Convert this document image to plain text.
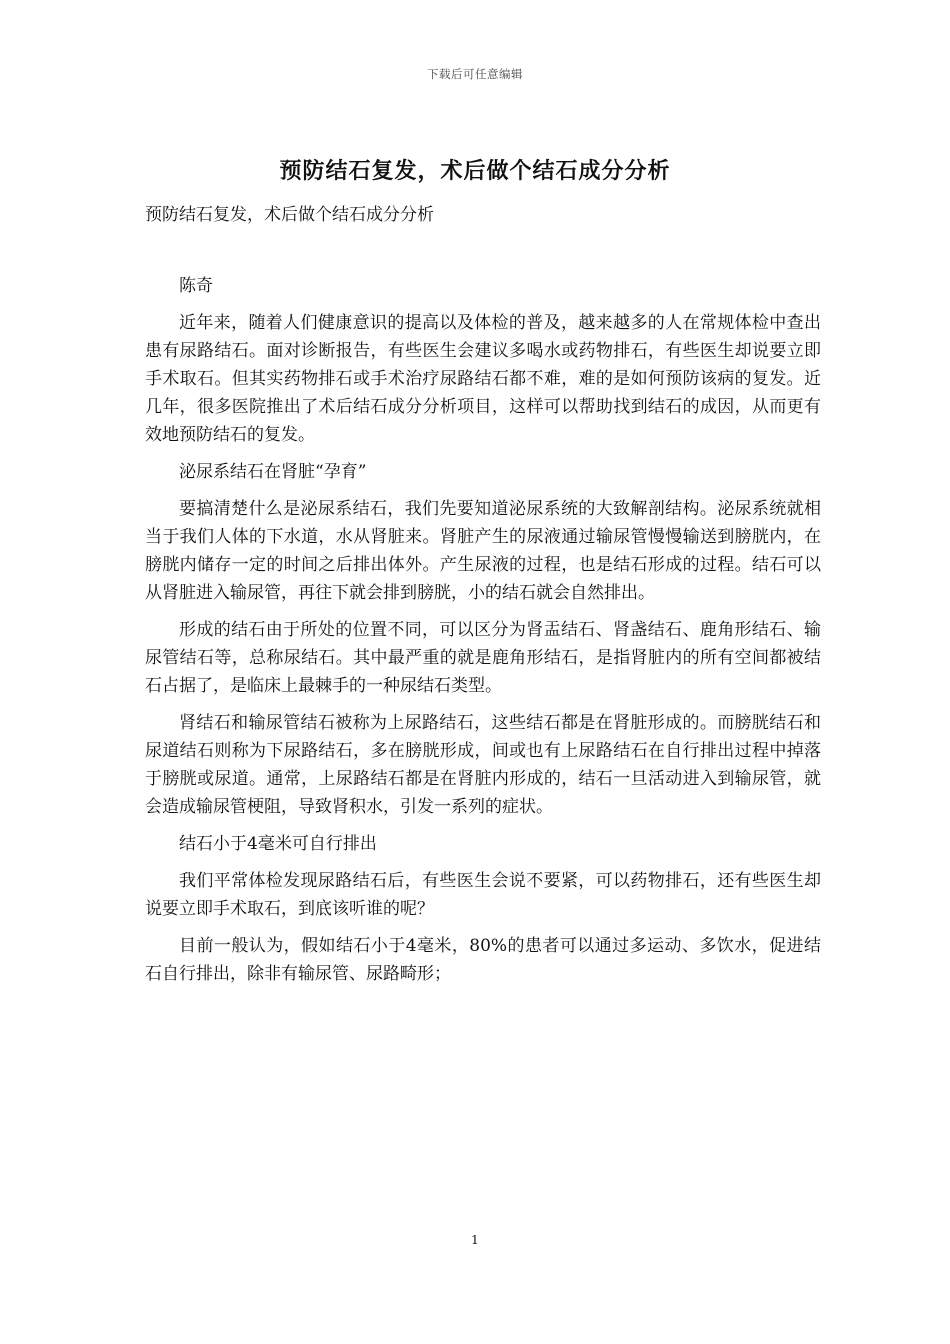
下载后可任意编辑
预防结石复发，术后做个结石成分分析

预防结石复发，术后做个结石成分分析

陈奇

近年来，随着人们健康意识的提高以及体检的普及，越来越多的人在常规体检中查出患有尿路结石。面对诊断报告，有些医生会建议多喝水或药物排石，有些医生却说要立即手术取石。但其实药物排石或手术治疗尿路结石都不难，难的是如何预防该病的复发。近几年，很多医院推出了术后结石成分分析项目，这样可以帮助找到结石的成因，从而更有效地预防结石的复发。

泌尿系结石在肾脏“孕育”

要搞清楚什么是泌尿系结石，我们先要知道泌尿系统的大致解剖结构。泌尿系统就相当于我们人体的下水道，水从肾脏来。肾脏产生的尿液通过输尿管慢慢输送到膀胱内，在膀胱内储存一定的时间之后排出体外。产生尿液的过程，也是结石形成的过程。结石可以从肾脏进入输尿管，再往下就会排到膀胱，小的结石就会自然排出。

形成的结石由于所处的位置不同，可以区分为肾盂结石、肾盏结石、鹿角形结石、输尿管结石等，总称尿结石。其中最严重的就是鹿角形结石，是指肾脏内的所有空间都被结石占据了，是临床上最棘手的一种尿结石类型。

肾结石和输尿管结石被称为上尿路结石，这些结石都是在肾脏形成的。而膀胱结石和尿道结石则称为下尿路结石，多在膀胱形成，间或也有上尿路结石在自行排出过程中掉落于膀胱或尿道。通常，上尿路结石都是在肾脏内形成的，结石一旦活动进入到输尿管，就会造成输尿管梗阻，导致肾积水，引发一系列的症状。

结石小于4毫米可自行排出

我们平常体检发现尿路结石后，有些医生会说不要紧，可以药物排石，还有些医生却说要立即手术取石，到底该听谁的呢？

目前一般认为，假如结石小于4毫米，80%的患者可以通过多运动、多饮水，促进结石自行排出，除非有输尿管、尿路畸形；

1
